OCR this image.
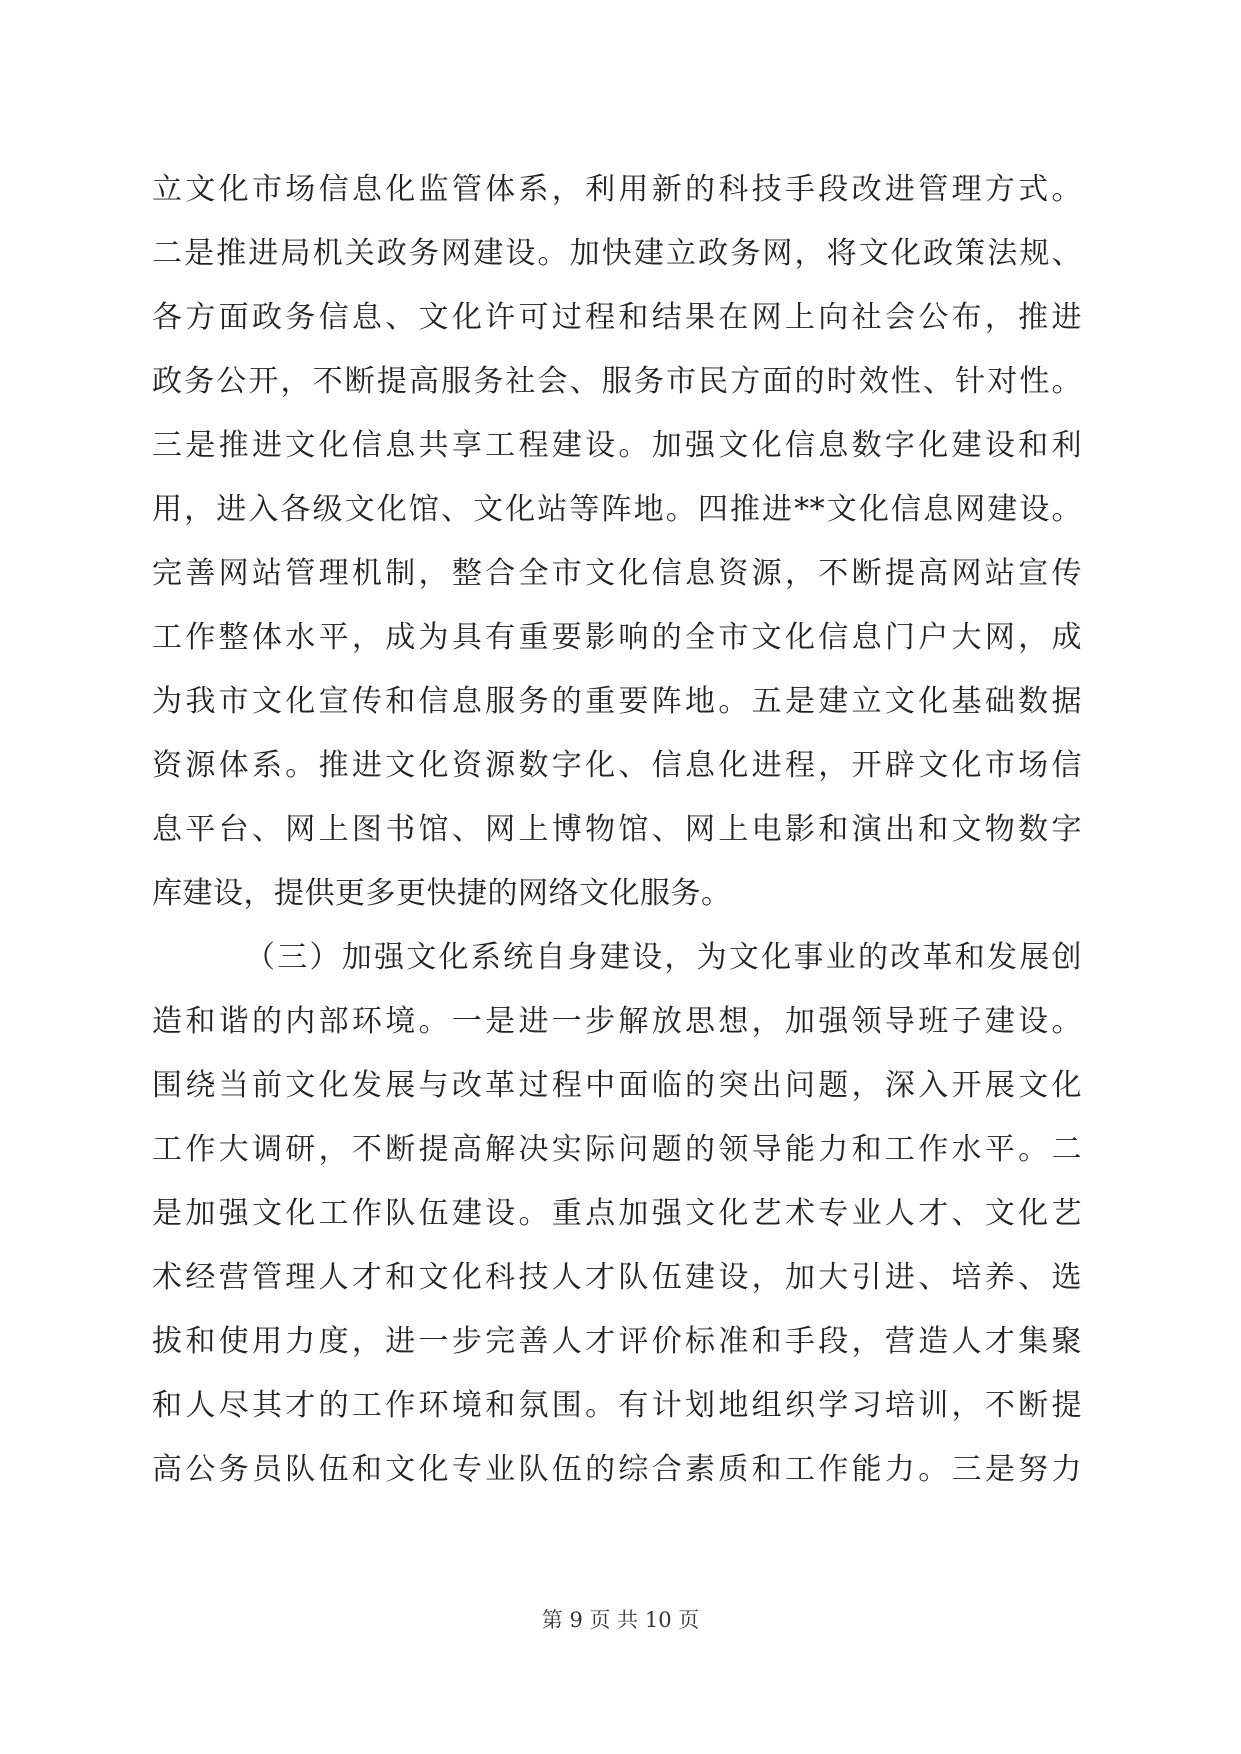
立文化市场信息化监管体系，利用新的科技手段改进管理方式。
二是推进局机关政务网建设。加快建立政务网，将文化政策法规、
各方面政务信息、文化许可过程和结果在网上向社会公布，推进
政务公开，不断提高服务社会、服务市民方面的时效性、针对性。
三是推进文化信息共享工程建设。加强文化信息数字化建设和利
用，进入各级文化馆、文化站等阵地。四推进**文化信息网建设。
完善网站管理机制，整合全市文化信息资源，不断提高网站宣传
工作整体水平，成为具有重要影响的全市文化信息门户大网，成
为我市文化宣传和信息服务的重要阵地。五是建立文化基础数据
资源体系。推进文化资源数字化、信息化进程，开辟文化市场信
息平台、网上图书馆、网上博物馆、网上电影和演出和文物数字
库建设，提供更多更快捷的网络文化服务。
（三）加强文化系统自身建设，为文化事业的改革和发展创
造和谐的内部环境。一是进一步解放思想，加强领导班子建设。
围绕当前文化发展与改革过程中面临的突出问题，深入开展文化
工作大调研，不断提高解决实际问题的领导能力和工作水平。二
是加强文化工作队伍建设。重点加强文化艺术专业人才、文化艺
术经营管理人才和文化科技人才队伍建设，加大引进、培养、选
拔和使用力度，进一步完善人才评价标准和手段，营造人才集聚
和人尽其才的工作环境和氛围。有计划地组织学习培训，不断提
高公务员队伍和文化专业队伍的综合素质和工作能力。三是努力
第 9 页 共 10 页
